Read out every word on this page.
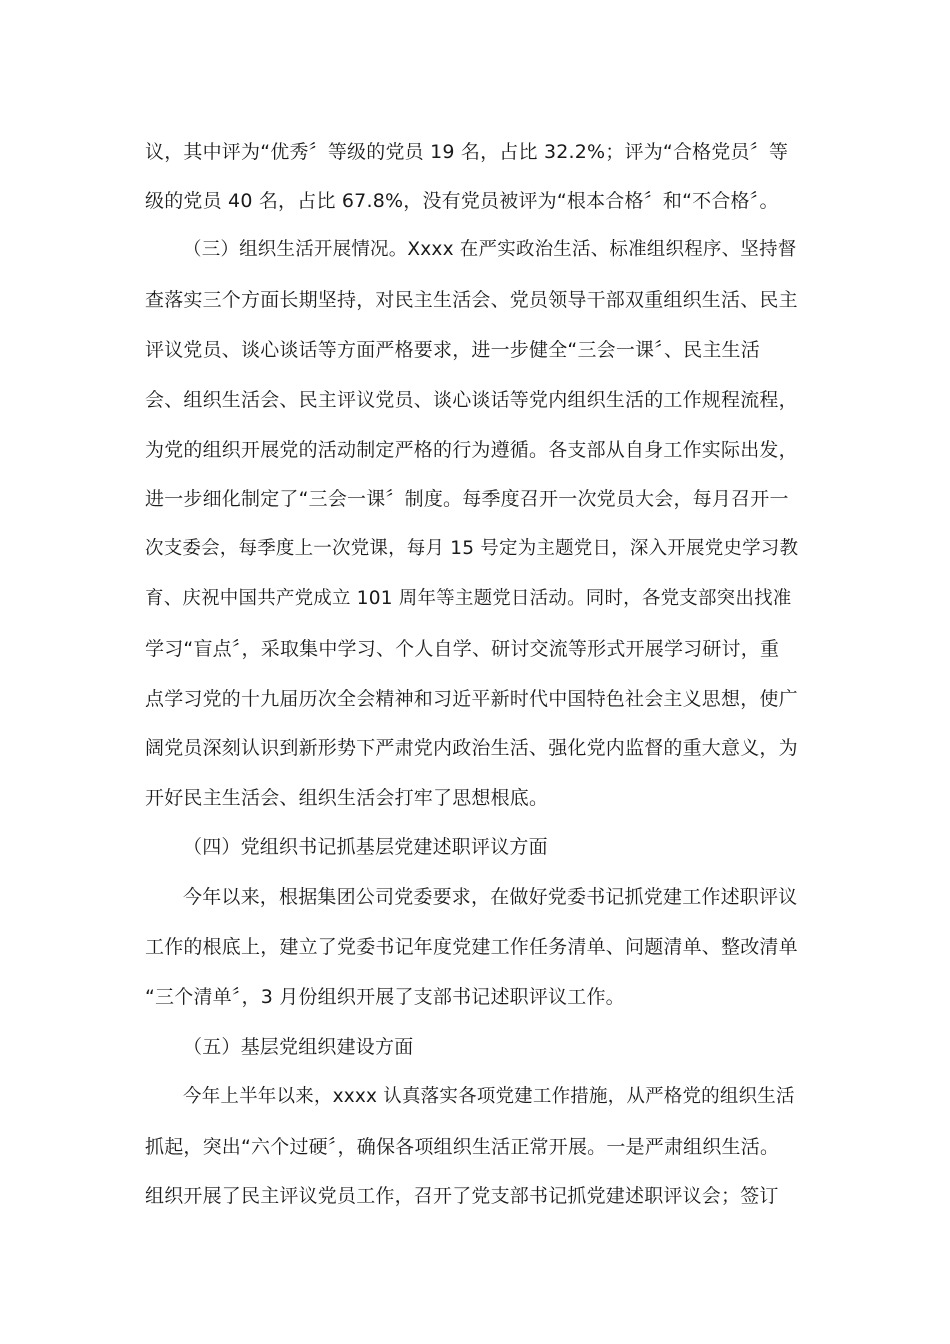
议，其中评为“优秀〞等级的党员 19 名，占比 32.2%；评为“合格党员〞等
级的党员 40 名，占比 67.8%，没有党员被评为“根本合格〞和“不合格〞。
（三）组织生活开展情况。Xxxx 在严实政治生活、标准组织程序、坚持督
查落实三个方面长期坚持，对民主生活会、党员领导干部双重组织生活、民主
评议党员、谈心谈话等方面严格要求，进一步健全“三会一课〞、民主生活
会、组织生活会、民主评议党员、谈心谈话等党内组织生活的工作规程流程，
为党的组织开展党的活动制定严格的行为遵循。各支部从自身工作实际出发，
进一步细化制定了“三会一课〞制度。每季度召开一次党员大会，每月召开一
次支委会，每季度上一次党课，每月 15 号定为主题党日，深入开展党史学习教
育、庆祝中国共产党成立 101 周年等主题党日活动。同时，各党支部突出找准
学习“盲点〞，采取集中学习、个人自学、研讨交流等形式开展学习研讨，重
点学习党的十九届历次全会精神和习近平新时代中国特色社会主义思想，使广
阔党员深刻认识到新形势下严肃党内政治生活、强化党内监督的重大意义，为
开好民主生活会、组织生活会打牢了思想根底。
（四）党组织书记抓基层党建述职评议方面
今年以来，根据集团公司党委要求，在做好党委书记抓党建工作述职评议
工作的根底上，建立了党委书记年度党建工作任务清单、问题清单、整改清单
“三个清单〞，3 月份组织开展了支部书记述职评议工作。
（五）基层党组织建设方面
今年上半年以来，xxxx 认真落实各项党建工作措施，从严格党的组织生活
抓起，突出“六个过硬〞，确保各项组织生活正常开展。一是严肃组织生活。
组织开展了民主评议党员工作，召开了党支部书记抓党建述职评议会；签订
